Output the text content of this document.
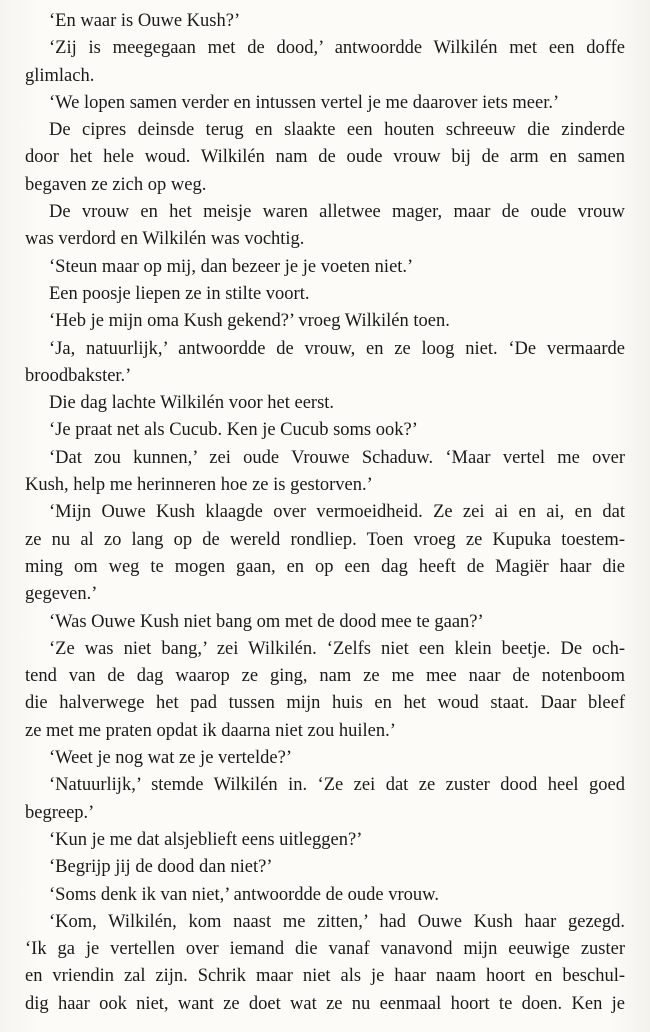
‘En waar is Ouwe Kush?’
‘Zij is meegegaan met de dood,’ antwoordde Wilkilén met een doffe
glimlach.
‘We lopen samen verder en intussen vertel je me daarover iets meer.’
De cipres deinsde terug en slaakte een houten schreeuw die zinderde
door het hele woud. Wilkilén nam de oude vrouw bij de arm en samen
begaven ze zich op weg.
De vrouw en het meisje waren alletwee mager, maar de oude vrouw
was verdord en Wilkilén was vochtig.
‘Steun maar op mij, dan bezeer je je voeten niet.’
Een poosje liepen ze in stilte voort.
‘Heb je mijn oma Kush gekend?’ vroeg Wilkilén toen.
‘Ja, natuurlijk,’ antwoordde de vrouw, en ze loog niet. ‘De vermaarde
broodbakster.’
Die dag lachte Wilkilén voor het eerst.
‘Je praat net als Cucub. Ken je Cucub soms ook?’
‘Dat zou kunnen,’ zei oude Vrouwe Schaduw. ‘Maar vertel me over
Kush, help me herinneren hoe ze is gestorven.’
‘Mijn Ouwe Kush klaagde over vermoeidheid. Ze zei ai en ai, en dat
ze nu al zo lang op de wereld rondliep. Toen vroeg ze Kupuka toestem-
ming om weg te mogen gaan, en op een dag heeft de Magiër haar die
gegeven.’
‘Was Ouwe Kush niet bang om met de dood mee te gaan?’
‘Ze was niet bang,’ zei Wilkilén. ‘Zelfs niet een klein beetje. De och-
tend van de dag waarop ze ging, nam ze me mee naar de notenboom
die halverwege het pad tussen mijn huis en het woud staat. Daar bleef
ze met me praten opdat ik daarna niet zou huilen.’
‘Weet je nog wat ze je vertelde?’
‘Natuurlijk,’ stemde Wilkilén in. ‘Ze zei dat ze zuster dood heel goed
begreep.’
‘Kun je me dat alsjeblieft eens uitleggen?’
‘Begrijp jij de dood dan niet?’
‘Soms denk ik van niet,’ antwoordde de oude vrouw.
‘Kom, Wilkilén, kom naast me zitten,’ had Ouwe Kush haar gezegd.
‘Ik ga je vertellen over iemand die vanaf vanavond mijn eeuwige zuster
en vriendin zal zijn. Schrik maar niet als je haar naam hoort en beschul-
dig haar ook niet, want ze doet wat ze nu eenmaal hoort te doen. Ken je
